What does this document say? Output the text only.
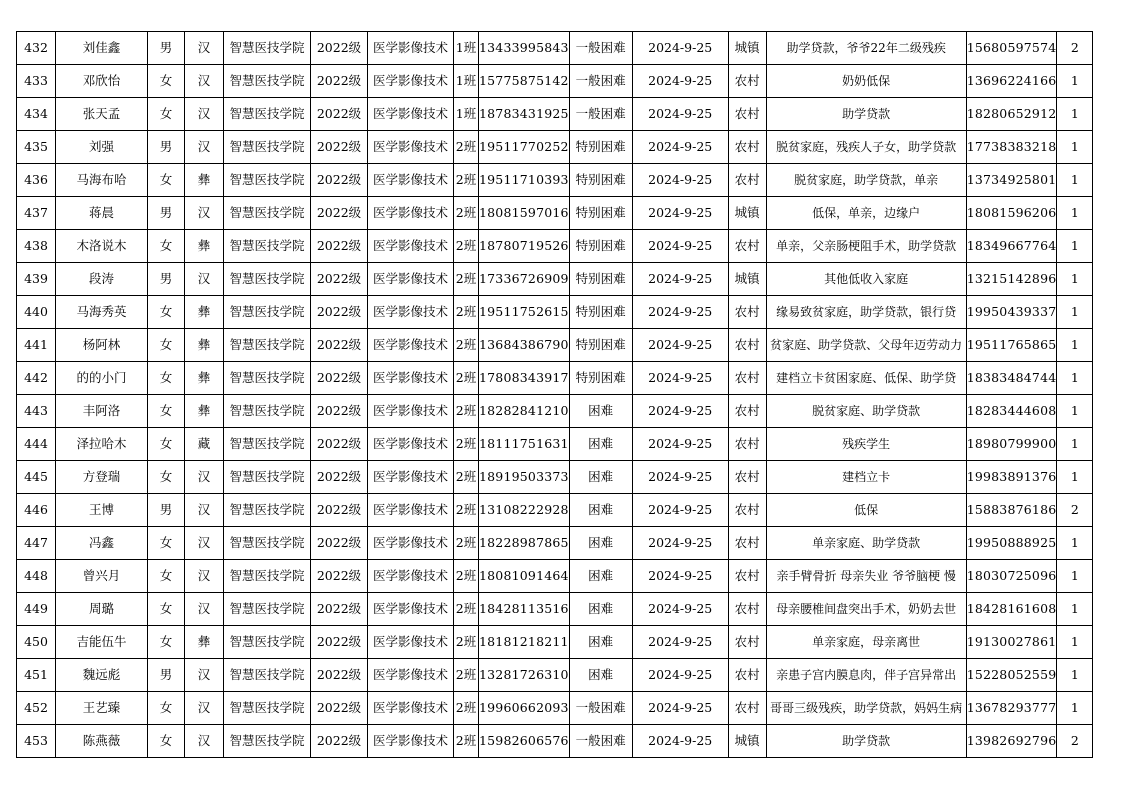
432	刘佳鑫	男	汉	智慧医技学院	2022级	医学影像技术	1班	13433995843	一般困难	2024-9-25	城镇	助学贷款，爷爷22年二级残疾	15680597574	2
433	邓欣怡	女	汉	智慧医技学院	2022级	医学影像技术	1班	15775875142	一般困难	2024-9-25	农村	奶奶低保	13696224166	1
434	张天孟	女	汉	智慧医技学院	2022级	医学影像技术	1班	18783431925	一般困难	2024-9-25	农村	助学贷款	18280652912	1
435	刘强	男	汉	智慧医技学院	2022级	医学影像技术	2班	19511770252	特别困难	2024-9-25	农村	脱贫家庭，残疾人子女，助学贷款	17738383218	1
436	马海布哈	女	彝	智慧医技学院	2022级	医学影像技术	2班	19511710393	特别困难	2024-9-25	农村	脱贫家庭，助学贷款，单亲	13734925801	1
437	蒋晨	男	汉	智慧医技学院	2022级	医学影像技术	2班	18081597016	特别困难	2024-9-25	城镇	低保，单亲，边缘户	18081596206	1
438	木洛说木	女	彝	智慧医技学院	2022级	医学影像技术	2班	18780719526	特别困难	2024-9-25	农村	单亲，父亲肠梗阻手术，助学贷款	18349667764	1
439	段涛	男	汉	智慧医技学院	2022级	医学影像技术	2班	17336726909	特别困难	2024-9-25	城镇	其他低收入家庭	13215142896	1
440	马海秀英	女	彝	智慧医技学院	2022级	医学影像技术	2班	19511752615	特别困难	2024-9-25	农村	缘易致贫家庭，助学贷款，银行贷	19950439337	1
441	杨阿林	女	彝	智慧医技学院	2022级	医学影像技术	2班	13684386790	特别困难	2024-9-25	农村	贫家庭、助学贷款、父母年迈劳动力	19511765865	1
442	的的小门	女	彝	智慧医技学院	2022级	医学影像技术	2班	17808343917	特别困难	2024-9-25	农村	建档立卡贫困家庭、低保、助学贷	18383484744	1
443	丰阿洛	女	彝	智慧医技学院	2022级	医学影像技术	2班	18282841210	困难	2024-9-25	农村	脱贫家庭、助学贷款	18283444608	1
444	泽拉哈木	女	藏	智慧医技学院	2022级	医学影像技术	2班	18111751631	困难	2024-9-25	农村	残疾学生	18980799900	1
445	方登瑞	女	汉	智慧医技学院	2022级	医学影像技术	2班	18919503373	困难	2024-9-25	农村	建档立卡	19983891376	1
446	王博	男	汉	智慧医技学院	2022级	医学影像技术	2班	13108222928	困难	2024-9-25	农村	低保	15883876186	2
447	冯鑫	女	汉	智慧医技学院	2022级	医学影像技术	2班	18228987865	困难	2024-9-25	农村	单亲家庭、助学贷款	19950888925	1
448	曾兴月	女	汉	智慧医技学院	2022级	医学影像技术	2班	18081091464	困难	2024-9-25	农村	亲手臂骨折 母亲失业 爷爷脑梗 慢	18030725096	1
449	周璐	女	汉	智慧医技学院	2022级	医学影像技术	2班	18428113516	困难	2024-9-25	农村	母亲腰椎间盘突出手术，奶奶去世	18428161608	1
450	吉能伍牛	女	彝	智慧医技学院	2022级	医学影像技术	2班	18181218211	困难	2024-9-25	农村	单亲家庭，母亲离世	19130027861	1
451	魏远彪	男	汉	智慧医技学院	2022级	医学影像技术	2班	13281726310	困难	2024-9-25	农村	亲患子宫内膜息肉，伴子宫异常出	15228052559	1
452	王艺臻	女	汉	智慧医技学院	2022级	医学影像技术	2班	19960662093	一般困难	2024-9-25	农村	哥哥三级残疾，助学贷款，妈妈生病	13678293777	1
453	陈燕薇	女	汉	智慧医技学院	2022级	医学影像技术	2班	15982606576	一般困难	2024-9-25	城镇	助学贷款	13982692796	2
